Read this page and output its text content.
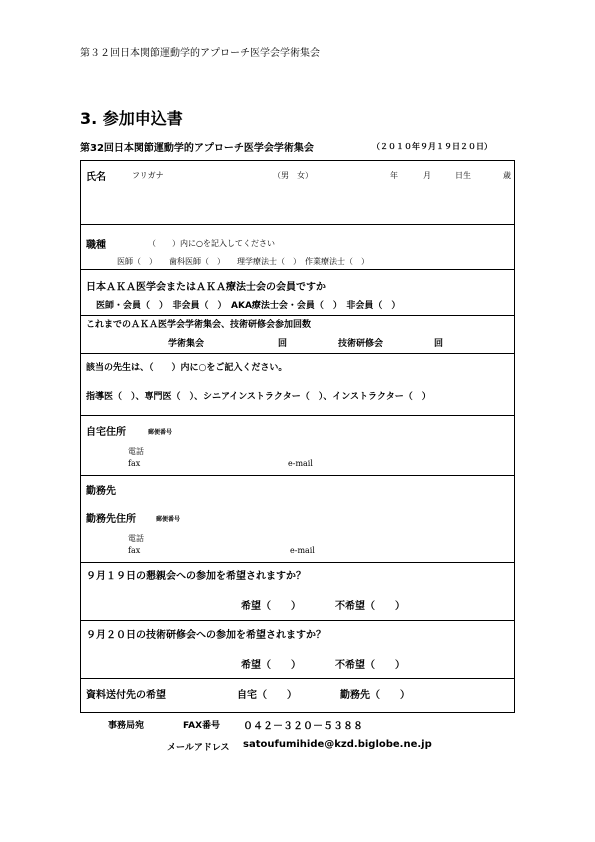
第３２回日本関節運動学的アプローチ医学会学術集会
3. 参加申込書
第32回日本関節運動学的アプローチ医学会学術集会	（２０１０年９月１９日２０日）
氏名	フリガナ	（男　女）	年	月	日生	歳
職種	（　　）内に○を記入してください
医師（　）　　歯科医師（　）　　理学療法士（　）　作業療法士（　）
日本ＡＫＡ医学会またはＡＫＡ療法士会の会員ですか
医師・会員（　）　非会員（　）　AKA療法士会・会員（　）　非会員（　）
これまでのＡＫＡ医学会学術集会、技術研修会参加回数
学術集会	回	技術研修会	回
該当の先生は、（　　）内に○をご記入ください。
指導医（　）、専門医（　）、シニアインストラクター（　）、インストラクター（　）
自宅住所	郵便番号
電話
fax	e-mail
勤務先
勤務先住所	郵便番号
電話
fax	e-mail
９月１９日の懇親会への参加を希望されますか？
希望（　　）	不希望（　　）
９月２０日の技術研修会への参加を希望されますか？
希望（　　）	不希望（　　）
資料送付先の希望	自宅（　　）	勤務先（　　）
事務局宛	FAX番号 ０４２－３２０－５３８８
メールアドレス satoufumihide@kzd.biglobe.ne.jp
